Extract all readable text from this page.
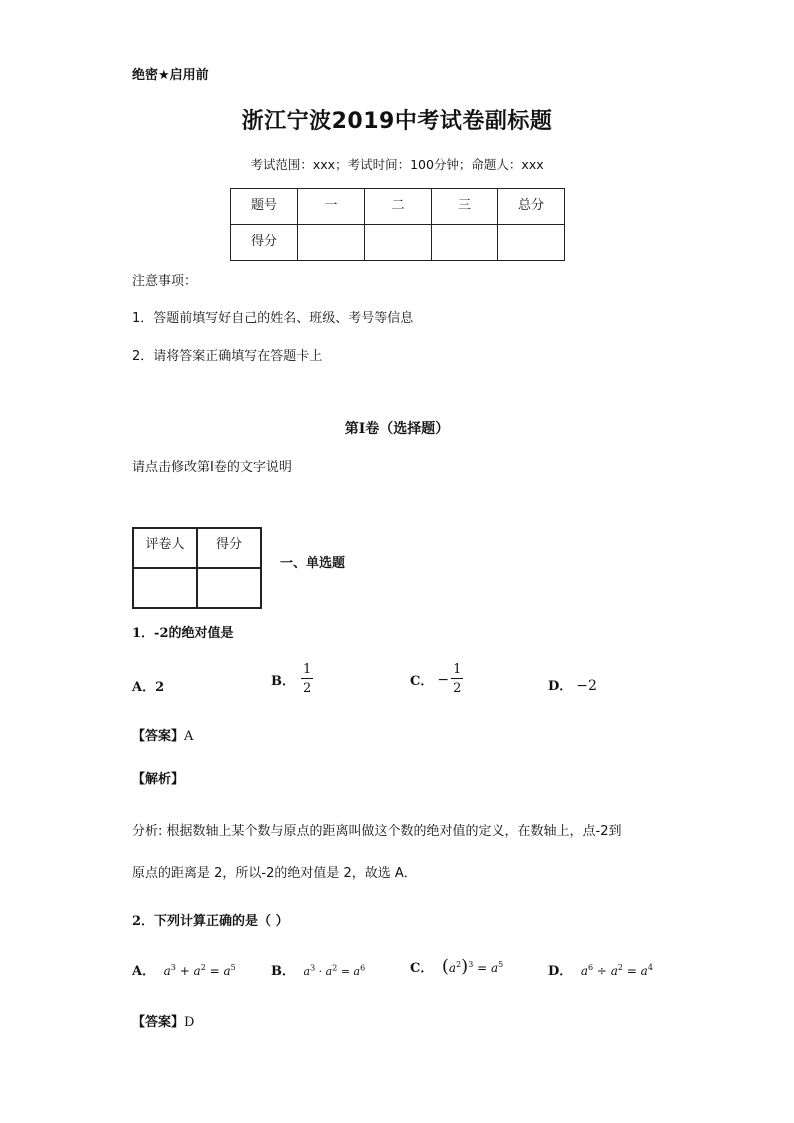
绝密★启用前
浙江宁波2019中考试卷副标题
考试范围：xxx；考试时间：100分钟；命题人：xxx
题号	一	二	三	总分
得分				
注意事项：
1．答题前填写好自己的姓名、班级、考号等信息
2．请将答案正确填写在答题卡上
第I卷（选择题）
请点击修改第I卷的文字说明
评卷人	得分

一、单选题
1．-2的绝对值是
A．2	B． $\frac{1}{2}$	C． − $\frac{1}{2}$	D． −2
【答案】A
【解析】
分析: 根据数轴上某个数与原点的距离叫做这个数的绝对值的定义，在数轴上，点-2到
原点的距离是 2，所以-2的绝对值是 2，故选 A．
2．下列计算正确的是（ ）
A． $a^3 + a^2 = a^5$	B． $a^3 \cdot a^2 = a^6$	C． $(a^2)^3 = a^5$	D． $a^6 \div a^2 = a^4$
【答案】D
